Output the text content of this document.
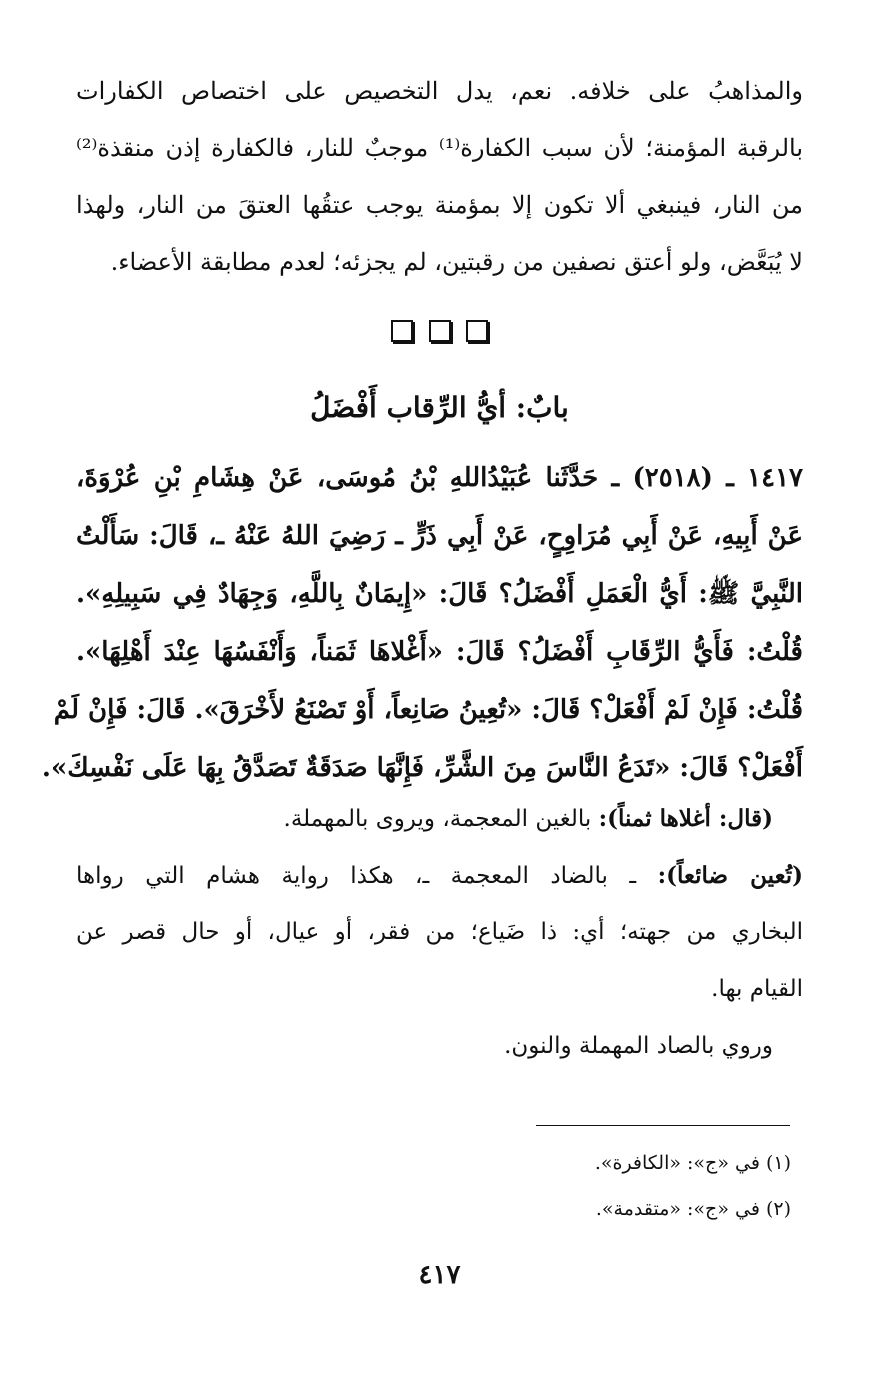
والمذاهبُ على خلافه. نعم، يدل التخصيص على اختصاص الكفارات
بالرقبة المؤمنة؛ لأن سبب الكفارة⁽¹⁾ موجبٌ للنار، فالكفارة إذن منقذة⁽²⁾
من النار، فينبغي ألا تكون إلا بمؤمنة يوجب عتقُها العتقَ من النار، ولهذا
لا يُبَعَّض، ولو أعتق نصفين من رقبتين، لم يجزئه؛ لعدم مطابقة الأعضاء.

بابٌ: أيُّ الرِّقاب أَفْضَلُ
١٤١٧ ـ (٢٥١٨) ـ حَدَّثَنا عُبَيْدُاللهِ بْنُ مُوسَى، عَنْ هِشَامِ بْنِ عُرْوَةَ،
عَنْ أَبِيهِ، عَنْ أَبِي مُرَاوِحٍ، عَنْ أَبِي ذَرٍّ ـ رَضِيَ اللهُ عَنْهُ ـ، قَالَ: سَأَلْتُ
النَّبِيَّ ﷺ: أَيُّ الْعَمَلِ أَفْضَلُ؟ قَالَ: «إِيمَانٌ بِاللَّهِ، وَجِهَادٌ فِي سَبِيلِهِ».
قُلْتُ: فَأَيُّ الرِّقَابِ أَفْضَلُ؟ قَالَ: «أَغْلاهَا ثَمَناً، وَأَنْفَسُهَا عِنْدَ أَهْلِهَا».
قُلْتُ: فَإِنْ لَمْ أَفْعَلْ؟ قَالَ: «تُعِينُ صَانِعاً، أَوْ تَصْنَعُ لأَخْرَقَ». قَالَ: فَإِنْ لَمْ
أَفْعَلْ؟ قَالَ: «تَدَعُ النَّاسَ مِنَ الشَّرِّ، فَإِنَّهَا صَدَقَةٌ تَصَدَّقُ بِهَا عَلَى نَفْسِكَ».
(قال: أغلاها ثمناً): بالغين المعجمة، ويروى بالمهملة.
(تُعين ضائعاً): ـ بالضاد المعجمة ـ، هكذا رواية هشام التي رواها
البخاري من جهته؛ أي: ذا ضَياع؛ من فقر، أو عيال، أو حال قصر عن
القيام بها.
وروي بالصاد المهملة والنون.
(١) في «ج»: «الكافرة».
(٢) في «ج»: «متقدمة».
٤١٧
